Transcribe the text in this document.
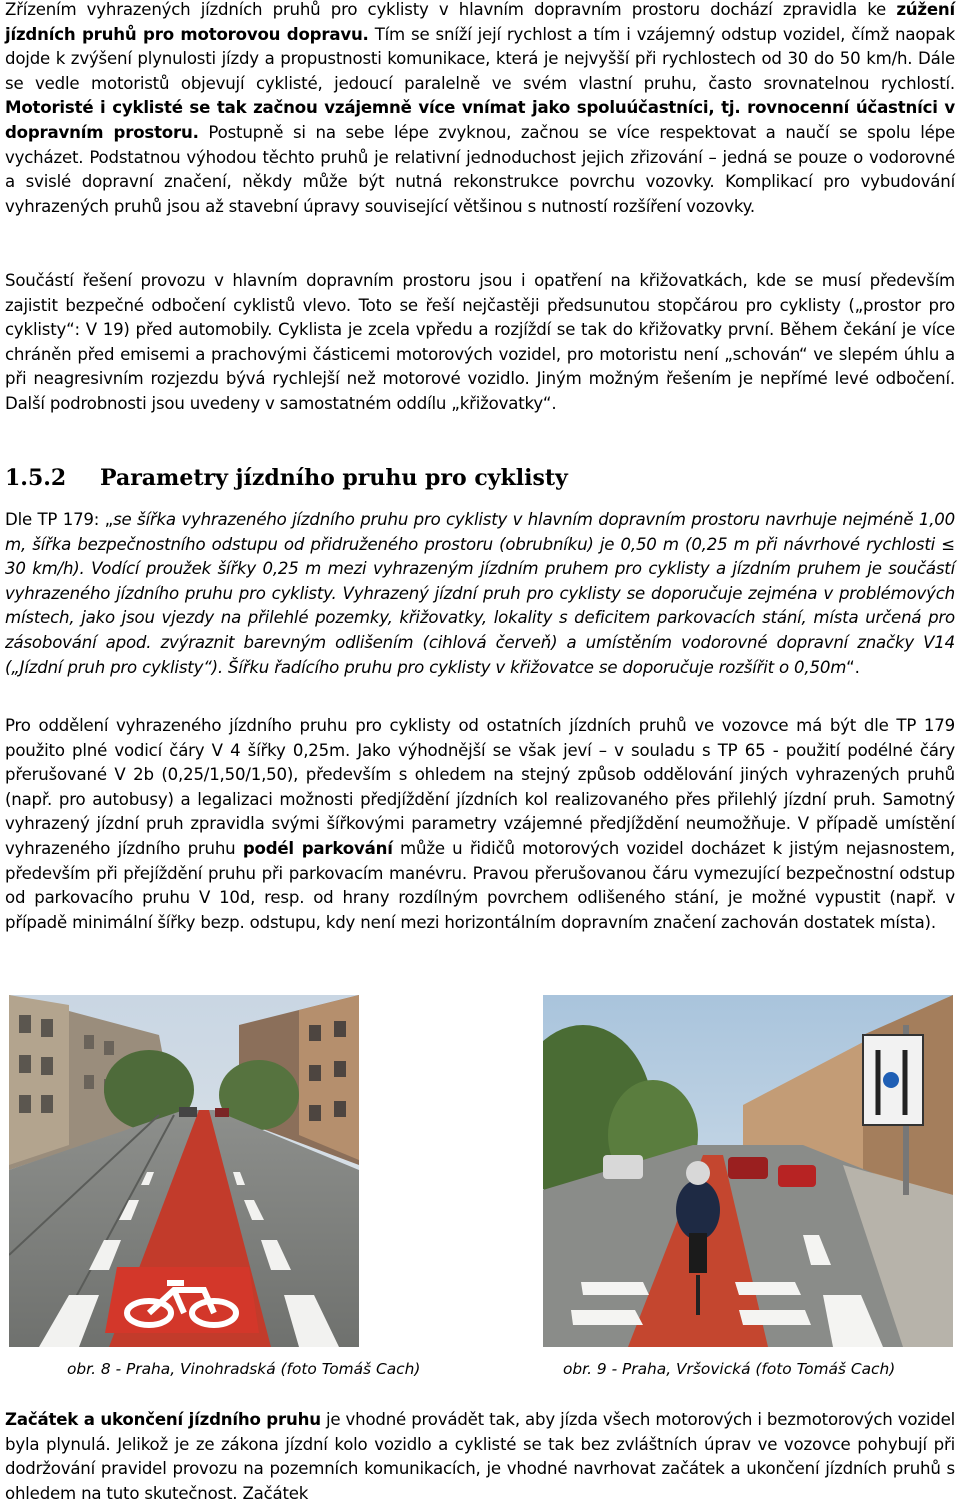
Zřízením vyhrazených jízdních pruhů pro cyklisty v hlavním dopravním prostoru dochází zpravidla ke zúžení jízdních pruhů pro motorovou dopravu. Tím se sníží její rychlost a tím i vzájemný odstup vozidel, čímž naopak dojde k zvýšení plynulosti jízdy a propustnosti komunikace, která je nejvyšší při rychlostech od 30 do 50 km/h. Dále se vedle motoristů objevují cyklisté, jedoucí paralelně ve svém vlastní pruhu, často srovnatelnou rychlostí. Motoristé i cyklisté se tak začnou vzájemně více vnímat jako spoluúčastníci, tj. rovnocenní účastníci v dopravním prostoru. Postupně si na sebe lépe zvyknou, začnou se více respektovat a naučí se spolu lépe vycházet. Podstatnou výhodou těchto pruhů je relativní jednoduchost jejich zřizování – jedná se pouze o vodorovné a svislé dopravní značení, někdy může být nutná rekonstrukce povrchu vozovky. Komplikací pro vybudování vyhrazených pruhů jsou až stavební úpravy související většinou s nutností rozšíření vozovky.

Součástí řešení provozu v hlavním dopravním prostoru jsou i opatření na křižovatkách, kde se musí především zajistit bezpečné odbočení cyklistů vlevo. Toto se řeší nejčastěji předsunutou stopčárou pro cyklisty („prostor pro cyklisty“: V 19) před automobily. Cyklista je zcela vpředu a rozjíždí se tak do křižovatky první. Během čekání je více chráněn před emisemi a prachovými částicemi motorových vozidel, pro motoristu není „schován“ ve slepém úhlu a při neagresivním rozjezdu bývá rychlejší než motorové vozidlo. Jiným možným řešením je nepřímé levé odbočení. Další podrobnosti jsou uvedeny v samostatném oddílu „křižovatky“.

1.5.2 Parametry jízdního pruhu pro cyklisty

Dle TP 179: „se šířka vyhrazeného jízdního pruhu pro cyklisty v hlavním dopravním prostoru navrhuje nejméně 1,00 m, šířka bezpečnostního odstupu od přidruženého prostoru (obrubníku) je 0,50 m (0,25 m při návrhové rychlosti ≤ 30 km/h). Vodící proužek šířky 0,25 m mezi vyhrazeným jízdním pruhem pro cyklisty a jízdním pruhem je součástí vyhrazeného jízdního pruhu pro cyklisty. Vyhrazený jízdní pruh pro cyklisty se doporučuje zejména v problémových místech, jako jsou vjezdy na přilehlé pozemky, křižovatky, lokality s deficitem parkovacích stání, místa určená pro zásobování apod. zvýraznit barevným odlišením (cihlová červeň) a umístěním vodorovné dopravní značky V14 („Jízdní pruh pro cyklisty“). Šířku řadícího pruhu pro cyklisty v křižovatce se doporučuje rozšířit o 0,50m“.

Pro oddělení vyhrazeného jízdního pruhu pro cyklisty od ostatních jízdních pruhů ve vozovce má být dle TP 179 použito plné vodicí čáry V 4 šířky 0,25m. Jako výhodnější se však jeví – v souladu s TP 65 - použití podélné čáry přerušované V 2b (0,25/1,50/1,50), především s ohledem na stejný způsob oddělování jiných vyhrazených pruhů (např. pro autobusy) a legalizaci možnosti předjíždění jízdních kol realizovaného přes přilehlý jízdní pruh. Samotný vyhrazený jízdní pruh zpravidla svými šířkovými parametry vzájemné předjíždění neumožňuje. V případě umístění vyhrazeného jízdního pruhu podél parkování může u řidičů motorových vozidel docházet k jistým nejasnostem, především při přejíždění pruhu při parkovacím manévru. Pravou přerušovanou čáru vymezující bezpečnostní odstup od parkovacího pruhu V 10d, resp. od hrany rozdílným povrchem odlišeného stání, je možné vypustit (např. v případě minimální šířky bezp. odstupu, kdy není mezi horizontálním dopravním značení zachován dostatek místa).

obr. 8 - Praha, Vinohradská (foto Tomáš Cach)	obr. 9 - Praha, Vršovická (foto Tomáš Cach)

Začátek a ukončení jízdního pruhu je vhodné provádět tak, aby jízda všech motorových i bezmotorových vozidel byla plynulá. Jelikož je ze zákona jízdní kolo vozidlo a cyklisté se tak bez zvláštních úprav ve vozovce pohybují při dodržování pravidel provozu na pozemních komunikacích, je vhodné navrhovat začátek a ukončení jízdních pruhů s ohledem na tuto skutečnost. Začátek
